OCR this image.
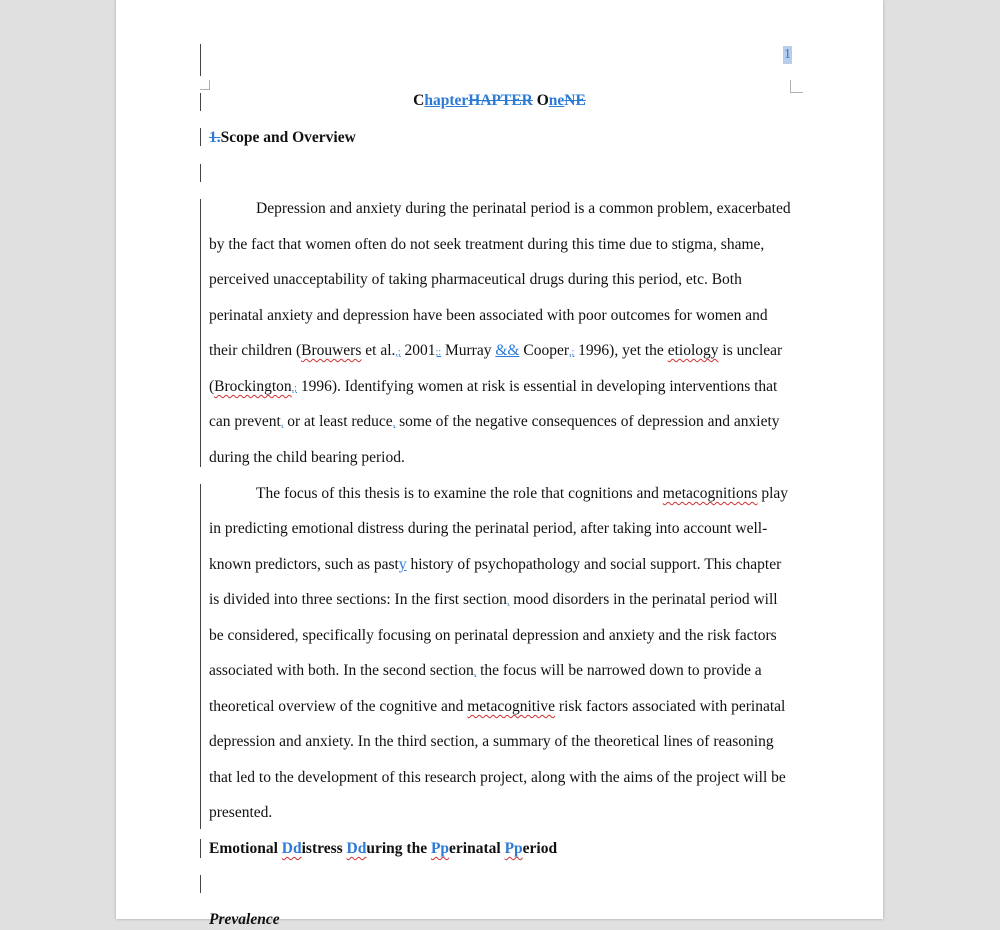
1
ChapterHAPTER OneNE
1.Scope and Overview
Depression and anxiety during the perinatal period is a common problem, exacerbated
by the fact that women often do not seek treatment during this time due to stigma, shame,
perceived unacceptability of taking pharmaceutical drugs during this period, etc. Both
perinatal anxiety and depression have been associated with poor outcomes for women and
their children (Brouwers et al.,; 2001;: Murray && Cooper,; 1996), yet the etiology is unclear
(Brockington,; 1996). Identifying women at risk is essential in developing interventions that
can prevent, or at least reduce, some of the negative consequences of depression and anxiety
during the child bearing period.
The focus of this thesis is to examine the role that cognitions and metacognitions play
in predicting emotional distress during the perinatal period, after taking into account well-
known predictors, such as pasty history of psychopathology and social support. This chapter
is divided into three sections: In the first section, mood disorders in the perinatal period will
be considered, specifically focusing on perinatal depression and anxiety and the risk factors
associated with both. In the second section, the focus will be narrowed down to provide a
theoretical overview of the cognitive and metacognitive risk factors associated with perinatal
depression and anxiety. In the third section, a summary of the theoretical lines of reasoning
that led to the development of this research project, along with the aims of the project will be
presented.
Emotional Ddistress Dduring the Pperinatal Pperiod
Prevalence
